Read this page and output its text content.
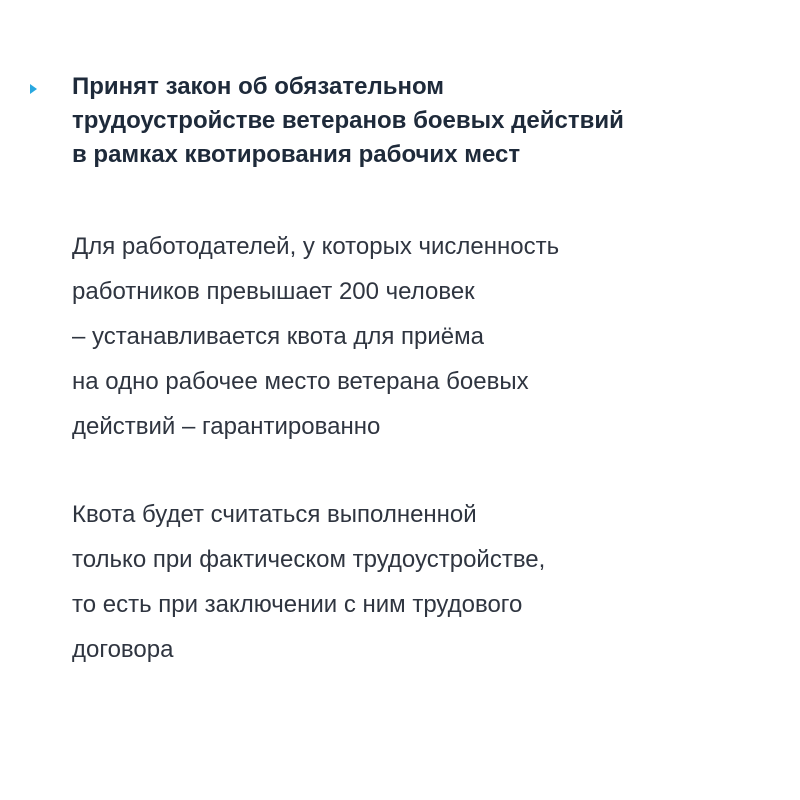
Принят закон об обязательном
трудоустройстве ветеранов боевых действий
в рамках квотирования рабочих мест

Для работодателей, у которых численность
работников превышает 200 человек
– устанавливается квота для приёма
на одно рабочее место ветерана боевых
действий – гарантированно

Квота будет считаться выполненной
только при фактическом трудоустройстве,
то есть при заключении с ним трудового
договора
